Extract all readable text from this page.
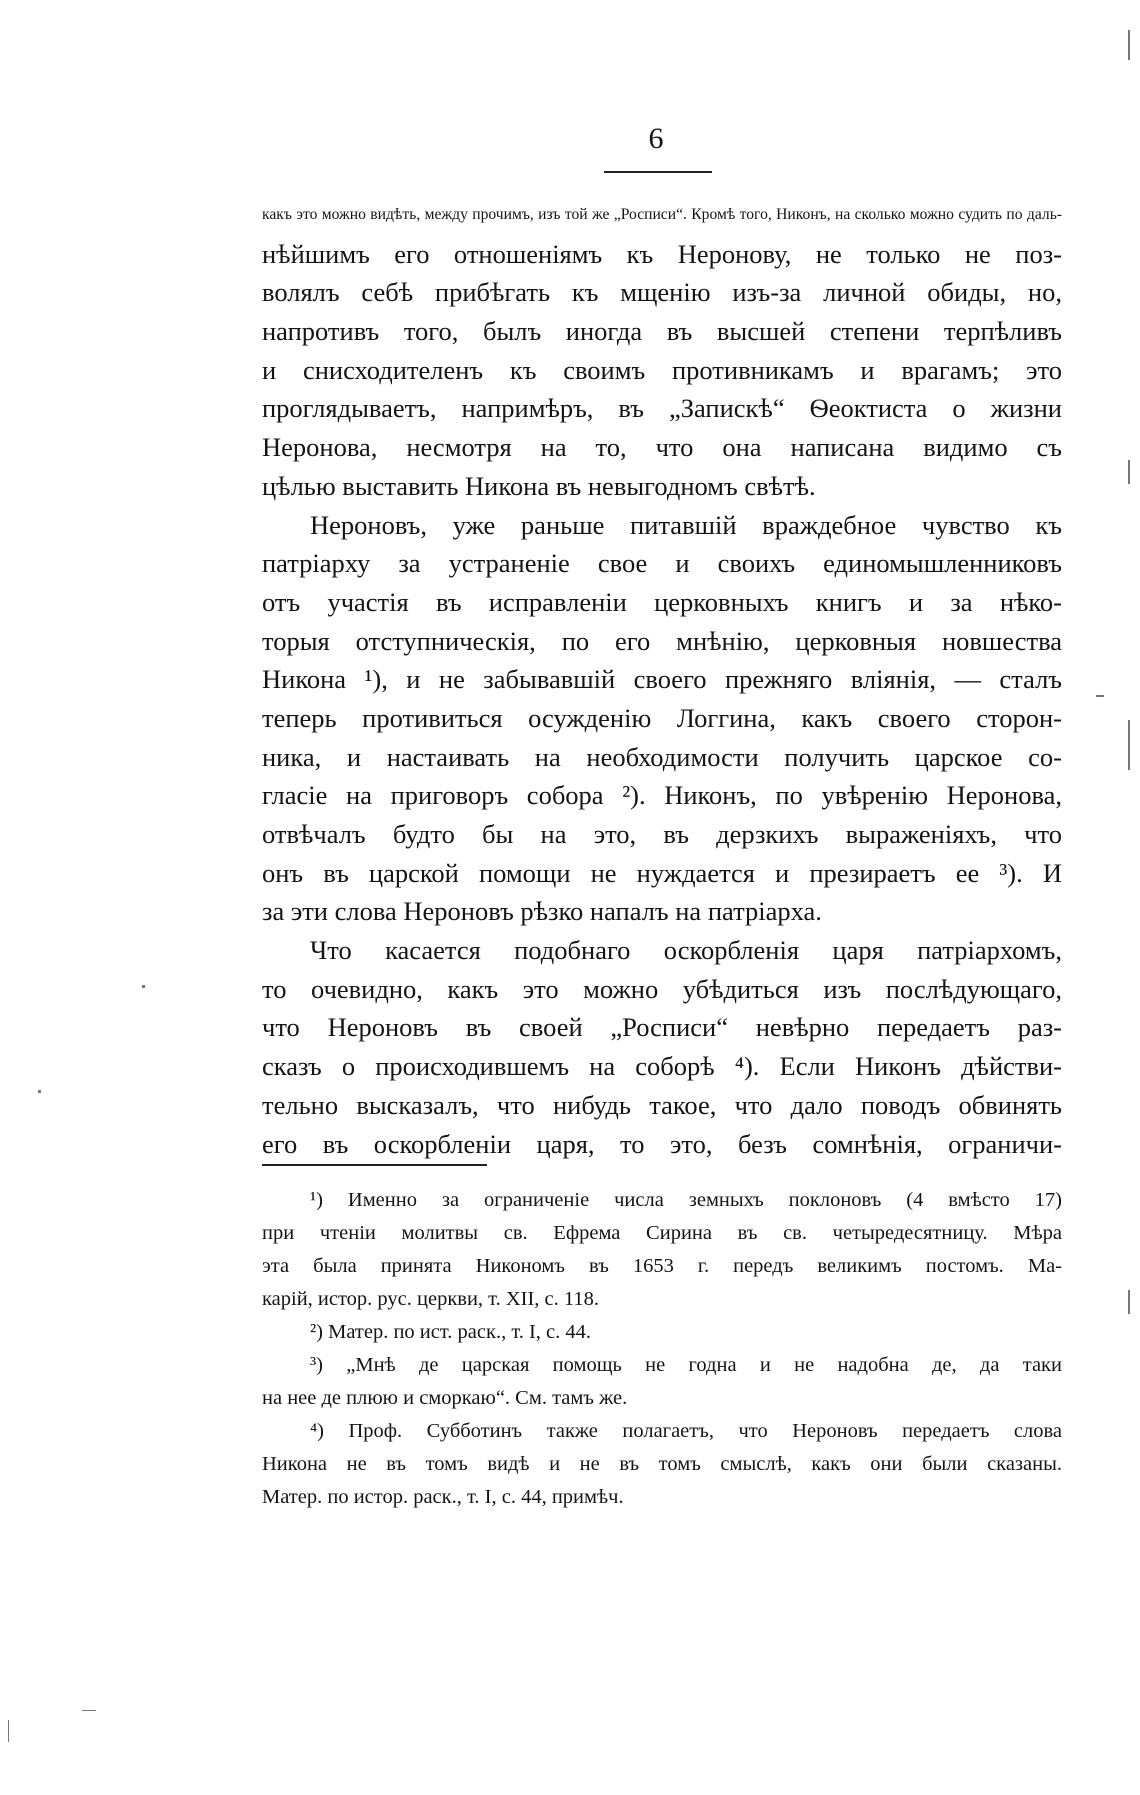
6
какъ это можно видѣть, между прочимъ, изъ той же „Росписи“. Кромѣ того, Никонъ, на сколько можно судить по даль-
нѣйшимъ его отношеніямъ къ Неронову, не только не поз-
волялъ себѣ прибѣгать къ мщенію изъ-за личной обиды, но,
напротивъ того, былъ иногда въ высшей степени терпѣливъ
и снисходителенъ къ своимъ противникамъ и врагамъ; это
проглядываетъ, напримѣръ, въ „Запискѣ“ Ѳеоктиста о жизни
Неронова, несмотря на то, что она написана видимо съ
цѣлью выставить Никона въ невыгодномъ свѣтѣ.
Нероновъ, уже раньше питавшій враждебное чувство къ
патріарху за устраненіе свое и своихъ единомышленниковъ
отъ участія въ исправленіи церковныхъ книгъ и за нѣко-
торыя отступническія, по его мнѣнію, церковныя новшества
Никона ¹), и не забывавшій своего прежняго вліянія, — сталъ
теперь противиться осужденію Логгина, какъ своего сторон-
ника, и настаивать на необходимости получить царское со-
гласіе на приговоръ собора ²). Никонъ, по увѣренію Неронова,
отвѣчалъ будто бы на это, въ дерзкихъ выраженіяхъ, что
онъ въ царской помощи не нуждается и презираетъ ее ³). И
за эти слова Нероновъ рѣзко напалъ на патріарха.
Что касается подобнаго оскорбленія царя патріархомъ,
то очевидно, какъ это можно убѣдиться изъ послѣдующаго,
что Нероновъ въ своей „Росписи“ невѣрно передаетъ раз-
сказъ о происходившемъ на соборѣ ⁴). Если Никонъ дѣйстви-
тельно высказалъ, что нибудь такое, что дало поводъ обвинять
его въ оскорбленіи царя, то это, безъ сомнѣнія, ограничи-
¹) Именно за ограниченіе числа земныхъ поклоновъ (4 вмѣсто 17)
при чтеніи молитвы св. Ефрема Сирина въ св. четыредесятницу. Мѣра
эта была принята Никономъ въ 1653 г. передъ великимъ постомъ. Ма-
карій, истор. рус. церкви, т. XII, с. 118.
²) Матер. по ист. раск., т. I, с. 44.
³) „Мнѣ де царская помощь не годна и не надобна де, да таки
на нее де плюю и сморкаю“. См. тамъ же.
⁴) Проф. Субботинъ также полагаетъ, что Нероновъ передаетъ слова
Никона не въ томъ видѣ и не въ томъ смыслѣ, какъ они были сказаны.
Матер. по истор. раск., т. I, с. 44, примѣч.
